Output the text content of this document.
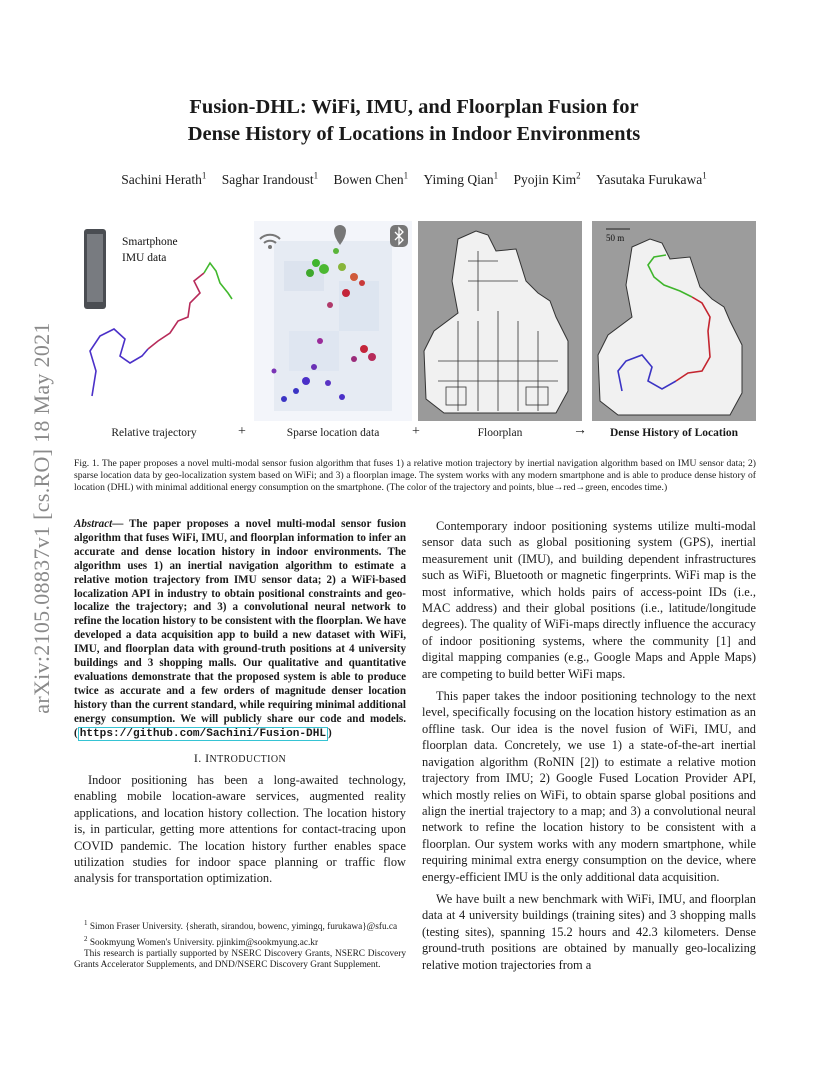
arXiv:2105.08837v1 [cs.RO] 18 May 2021
Fusion-DHL: WiFi, IMU, and Floorplan Fusion for
Dense History of Locations in Indoor Environments
Sachini Herath$^1$ Saghar Irandoust$^1$ Bowen Chen$^1$ Yiming Qian$^1$ Pyojin Kim$^2$ Yasutaka Furukawa$^1$
Smartphone
IMU data
50 m
Relative trajectory	+	Sparse location data	+	Floorplan	→	Dense History of Location
Fig. 1. The paper proposes a novel multi-modal sensor fusion algorithm that fuses 1) a relative motion trajectory by inertial navigation algorithm based on IMU sensor data; 2) sparse location data by geo-localization system based on WiFi; and 3) a floorplan image. The system works with any modern smartphone and is able to produce dense history of location (DHL) with minimal additional energy consumption on the smartphone. (The color of the trajectory and points, blue→red→green, encodes time.)
Abstract— The paper proposes a novel multi-modal sensor fusion algorithm that fuses WiFi, IMU, and floorplan information to infer an accurate and dense location history in indoor environments. The algorithm uses 1) an inertial navigation algorithm to estimate a relative motion trajectory from IMU sensor data; 2) a WiFi-based localization API in industry to obtain positional constraints and geo-localize the trajectory; and 3) a convolutional neural network to refine the location history to be consistent with the floorplan. We have developed a data acquisition app to build a new dataset with WiFi, IMU, and floorplan data with ground-truth positions at 4 university buildings and 3 shopping malls. Our qualitative and quantitative evaluations demonstrate that the proposed system is able to produce twice as accurate and a few orders of magnitude denser location history than the current standard, while requiring minimal additional energy consumption. We will publicly share our code and models. ( https://github.com/Sachini/Fusion-DHL )
I. INTRODUCTION

Indoor positioning has been a long-awaited technology, enabling mobile location-aware services, augmented reality applications, and location history collection. The location history is, in particular, getting more attentions for contact-tracing upon COVID pandemic. The location history further enables space utilization studies for indoor space planning or traffic flow analysis for transportation optimization.

$^1$ Simon Fraser University. {sherath, sirandou, bowenc, yimingq, furukawa}@sfu.ca
$^2$ Sookmyung Women's University. pjinkim@sookmyung.ac.kr
This research is partially supported by NSERC Discovery Grants, NSERC Discovery Grants Accelerator Supplements, and DND/NSERC Discovery Grant Supplement.

Contemporary indoor positioning systems utilize multi-modal sensor data such as global positioning system (GPS), inertial measurement unit (IMU), and building dependent infrastructures such as WiFi, Bluetooth or magnetic fingerprints. WiFi map is the most informative, which holds pairs of access-point IDs (i.e., MAC address) and their global positions (i.e., latitude/longitude degrees). The quality of WiFi-maps directly influence the accuracy of indoor positioning systems, where the community [1] and digital mapping companies (e.g., Google Maps and Apple Maps) are competing to build better WiFi maps.

This paper takes the indoor positioning technology to the next level, specifically focusing on the location history estimation as an offline task. Our idea is the novel fusion of WiFi, IMU, and floorplan data. Concretely, we use 1) a state-of-the-art inertial navigation algorithm (RoNIN [2]) to estimate a relative motion trajectory from IMU; 2) Google Fused Location Provider API, which mostly relies on WiFi, to obtain sparse global positions and align the inertial trajectory to a map; and 3) a convolutional neural network to refine the location history to be consistent with a floorplan. Our system works with any modern smartphone, while requiring minimal extra energy consumption on the device, where energy-efficient IMU is the only additional data acquisition.

We have built a new benchmark with WiFi, IMU, and floorplan data at 4 university buildings (training sites) and 3 shopping malls (testing sites), spanning 15.2 hours and 42.3 kilometers. Dense ground-truth positions are obtained by manually geo-localizing relative motion trajectories from a
